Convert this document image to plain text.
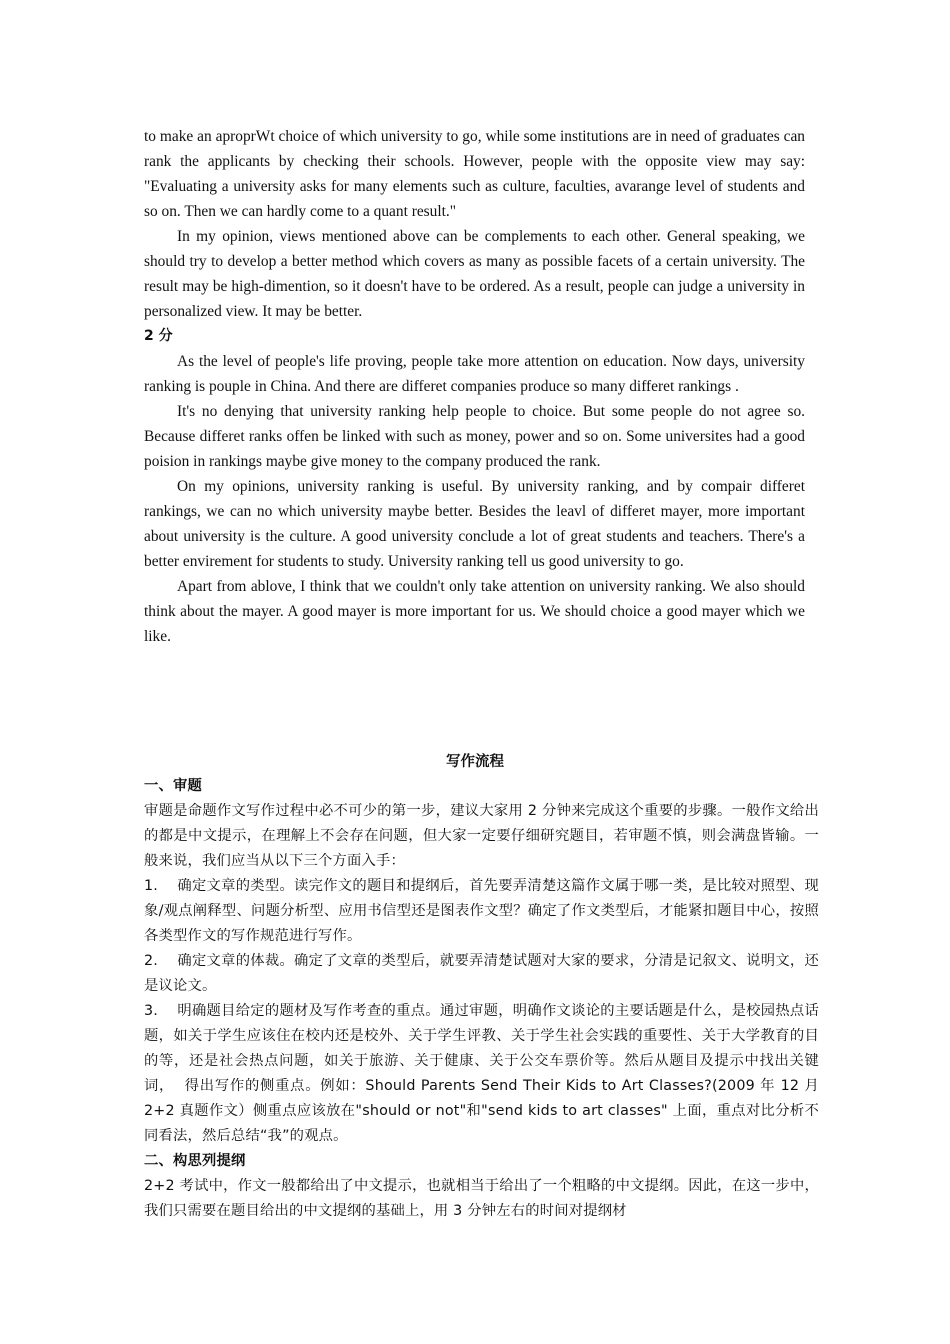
to make an aproprWt choice of which university to go, while some institutions are in need of graduates can rank the applicants by checking their schools. However, people with the opposite view may say: "Evaluating a university asks for many elements such as culture, faculties, avarange level of students and so on. Then we can hardly come to a quant result."

In my opinion, views mentioned above can be complements to each other. General speaking, we should try to develop a better method which covers as many as possible facets of a certain university. The result may be high-dimention, so it doesn't have to be ordered. As a result, people can judge a university in personalized view. It may be better.

2 分

As the level of people's life proving, people take more attention on education. Now days, university ranking is pouple in China. And there are differet companies produce so many differet rankings .

It's no denying that university ranking help people to choice. But some people do not agree so. Because differet ranks offen be linked with such as money, power and so on. Some universites had a good poision in rankings maybe give money to the company produced the rank.

On my opinions, university ranking is useful. By university ranking, and by compair differet rankings, we can no which university maybe better. Besides the leavl of differet mayer, more important about university is the culture. A good university conclude a lot of great students and teachers. There's a better envirement for students to study. University ranking tell us good university to go.

Apart from ablove, I think that we couldn't only take attention on university ranking. We also should think about the mayer. A good mayer is more important for us. We should choice a good mayer which we like.

写作流程

一、审题

审题是命题作文写作过程中必不可少的第一步，建议大家用 2 分钟来完成这个重要的步骤。一般作文给出的都是中文提示，在理解上不会存在问题，但大家一定要仔细研究题目，若审题不慎，则会满盘皆输。一般来说，我们应当从以下三个方面入手：

1.    确定文章的类型。读完作文的题目和提纲后，首先要弄清楚这篇作文属于哪一类，是比较对照型、现象/观点阐释型、问题分析型、应用书信型还是图表作文型？确定了作文类型后，才能紧扣题目中心，按照各类型作文的写作规范进行写作。

2.    确定文章的体裁。确定了文章的类型后，就要弄清楚试题对大家的要求，分清是记叙文、说明文，还是议论文。

3.    明确题目给定的题材及写作考查的重点。通过审题，明确作文谈论的主要话题是什么，是校园热点话题，如关于学生应该住在校内还是校外、关于学生评教、关于学生社会实践的重要性、关于大学教育的目的等，还是社会热点问题，如关于旅游、关于健康、关于公交车票价等。然后从题目及提示中找出关键词，  得出写作的侧重点。例如：Should Parents Send Their Kids to Art Classes?(2009 年 12 月 2+2 真题作文）侧重点应该放在"should or not"和"send kids to art classes" 上面，重点对比分析不同看法，然后总结“我”的观点。

二、构思列提纲

2+2 考试中，作文一般都给出了中文提示，也就相当于给出了一个粗略的中文提纲。因此，在这一步中，我们只需要在题目给出的中文提纲的基础上，用 3 分钟左右的时间对提纲材
